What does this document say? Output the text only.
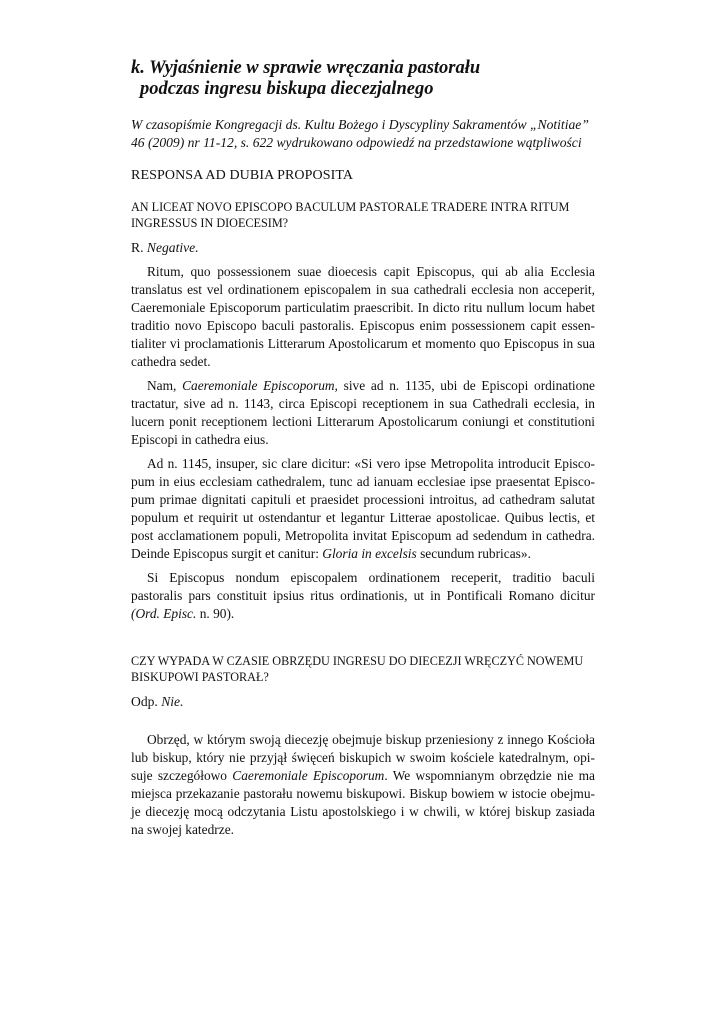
k. Wyjaśnienie w sprawie wręczania pastorału
podczas ingresu biskupa diecezjalnego

W czasopiśmie Kongregacji ds. Kultu Bożego i Dyscypliny Sakramentów „Notitiae” 46 (2009) nr 11-12, s. 622 wydrukowano odpowiedź na przedstawione wątpliwości

RESPONSA AD DUBIA PROPOSITA

AN LICEAT NOVO EPISCOPO BACULUM PASTORALE TRADERE INTRA RITUM INGRESSUS IN DIOECESIM?

R. Negative.

Ritum, quo possessionem suae dioecesis capit Episcopus, qui ab alia Ecclesia translatus est vel ordinationem episcopalem in sua cathedrali ecclesia non acceperit, Caeremoniale Episcoporum particulatim praescribit. In dicto ritu nullum locum habet traditio novo Episcopo baculi pastoralis. Episcopus enim possessionem capit essentialiter vi proclamationis Litterarum Apostolicarum et momento quo Episcopus in sua cathedra sedet.

Nam, Caeremoniale Episcoporum, sive ad n. 1135, ubi de Episcopi ordinatione tractatur, sive ad n. 1143, circa Episcopi receptionem in sua Cathedrali ecclesia, in lucern ponit receptionem lectioni Litterarum Apostolicarum coniungi et constitutioni Episcopi in cathedra eius.

Ad n. 1145, insuper, sic clare dicitur: «Si vero ipse Metropolita introducit Episcopum in eius ecclesiam cathedralem, tunc ad ianuam ecclesiae ipse praesentat Episcopum primae dignitati capituli et praesidet processioni introitus, ad cathedram salutat populum et requirit ut ostendantur et legantur Litterae apostolicae. Quibus lectis, et post acclamationem populi, Metropolita invitat Episcopum ad sedendum in cathedra. Deinde Episcopus surgit et canitur: Gloria in excelsis secundum rubricas».

Si Episcopus nondum episcopalem ordinationem receperit, traditio baculi pastoralis pars constituit ipsius ritus ordinationis, ut in Pontificali Romano dicitur (Ord. Episc. n. 90).

CZY WYPADA W CZASIE OBRZĘDU INGRESU DO DIECEZJI WRĘCZYĆ NOWEMU BISKUPOWI PASTORAŁ?

Odp. Nie.

Obrzęd, w którym swoją diecezję obejmuje biskup przeniesiony z innego Kościoła lub biskup, który nie przyjął święceń biskupich w swoim kościele katedralnym, opisuje szczegółowo Caeremoniale Episcoporum. We wspomnianym obrzędzie nie ma miejsca przekazanie pastorału nowemu biskupowi. Biskup bowiem w istocie obejmuje diecezję mocą odczytania Listu apostolskiego i w chwili, w której biskup zasiada na swojej katedrze.
